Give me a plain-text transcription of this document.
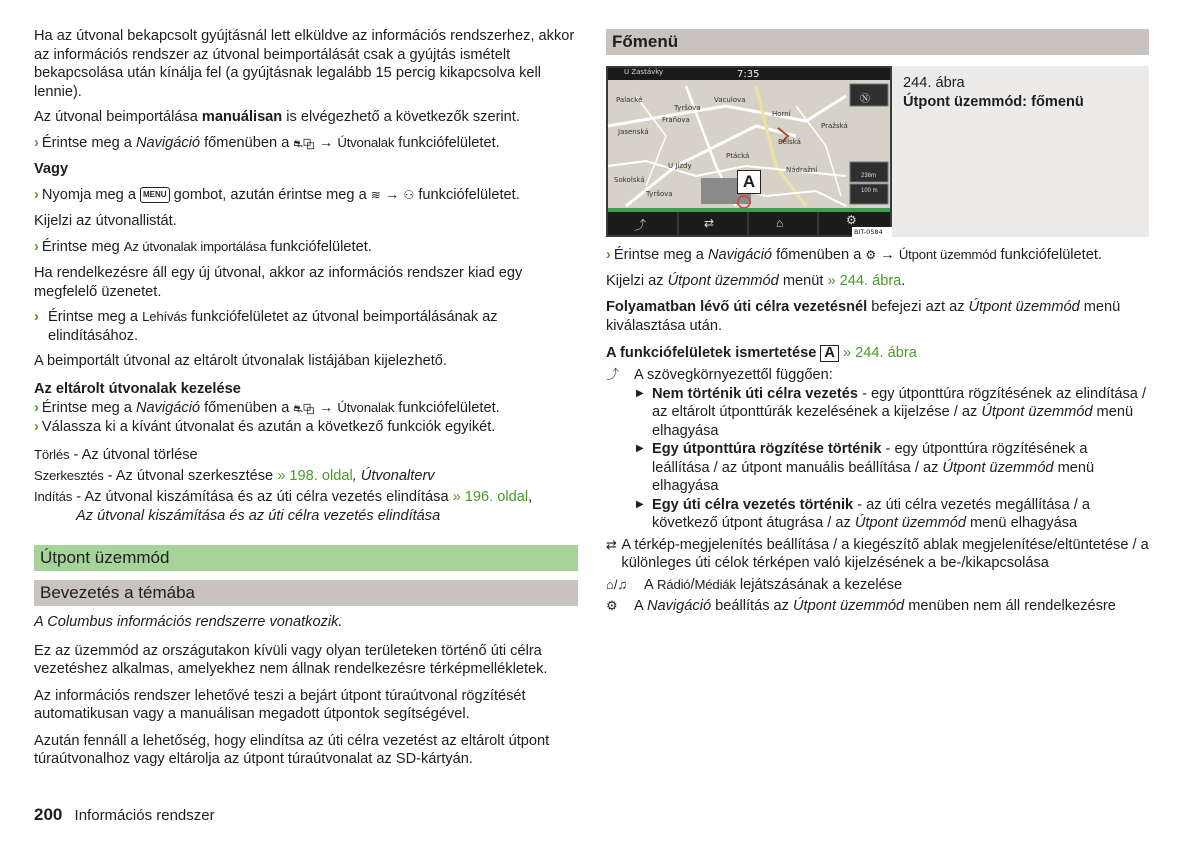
Ha az útvonal bekapcsolt gyújtásnál lett elküldve az információs rendszerhez, akkor az információs rendszer az útvonal beimportálását csak a gyújtás ismételt bekapcsolása után kínálja fel (a gyújtásnak legalább 15 percig kikapcsolva kell lennie).

Az útvonal beimportálása manuálisan is elvégezhető a következők szerint.

› Érintse meg a Navigáció főmenüben a ⛐⧉ → Útvonalak funkciófelületet.

Vagy

› Nyomja meg a MENU gombot, azután érintse meg a ≋ → ⚇ funkciófelületet.

Kijelzi az útvonallistát.

› Érintse meg Az útvonalak importálása funkciófelületet.

Ha rendelkezésre áll egy új útvonal, akkor az információs rendszer kiad egy megfelelő üzenetet.

› Érintse meg a Lehívás funkciófelületet az útvonal beimportálásának az elindításához.

A beimportált útvonal az eltárolt útvonalak listájában kijelezhető.

Az eltárolt útvonalak kezelése

› Érintse meg a Navigáció főmenüben a ⛐⧉ → Útvonalak funkciófelületet.

› Válassza ki a kívánt útvonalat és azután a következő funkciók egyikét.

Törlés - Az útvonal törlése

Szerkesztés - Az útvonal szerkesztése » 198. oldal, Útvonalterv

Indítás - Az útvonal kiszámítása és az úti célra vezetés elindítása » 196. oldal,

Az útvonal kiszámítása és az úti célra vezetés elindítása

Útpont üzemmód
Bevezetés a témába

A Columbus információs rendszerre vonatkozik.

Ez az üzemmód az országutakon kívüli vagy olyan területeken történő úti célra vezetéshez alkalmas, amelyekhez nem állnak rendelkezésre térképmellékletek.

Az információs rendszer lehetővé teszi a bejárt útpont túraútvonal rögzítését automatikusan vagy a manuálisan megadott útpontok segítségével.

Azután fennáll a lehetőség, hogy elindítsa az úti célra vezetést az eltárolt útpont túraútvonalhoz vagy eltárolja az útpont túraútvonalat az SD-kártyán.

200 Információs rendszer
Főmenü

244. ábra

Útpont üzemmód: főmenü

U Zastávky	7:35
Palacké
Jasenská
Tyršova
Vaculova
Fraňova
Horní
Pražská
Bělská
Ptácká
U Jízdy
Sokolská
Nádražní
Tyršova
A
Ⓝ
236m
100 m
⤴	⇄	⌂	⚙
BIT-0584

› Érintse meg a Navigáció főmenüben a ⚙ → Útpont üzemmód funkciófelületet.

Kijelzi az Útpont üzemmód menüt » 244. ábra.

Folyamatban lévő úti célra vezetésnél befejezi azt az Útpont üzemmód menü kiválasztása után.

A funkciófelületek ismertetése A » 244. ábra

⤴	A szövegkörnyezettől függően:
▶ Nem történik úti célra vezetés - egy útponttúra rögzítésének az elindítása / az eltárolt útponttúrák kezelésének a kijelzése / az Útpont üzemmód menü elhagyása
▶ Egy útponttúra rögzítése történik - egy útponttúra rögzítésének a leállítása / az útpont manuális beállítása / az Útpont üzemmód menü elhagyása
▶ Egy úti célra vezetés történik - az úti célra vezetés megállítása / a következő útpont átugrása / az Útpont üzemmód menü elhagyása
⇄ A térkép-megjelenítés beállítása / a kiegészítő ablak megjelenítése/eltüntetése / a különleges úti célok térképen való kijelzésének a be-/kikapcsolása
⌂/♫	A Rádió/Médiák lejátszásának a kezelése
⚙	A Navigáció beállítás az Útpont üzemmód menüben nem áll rendelkezésre
